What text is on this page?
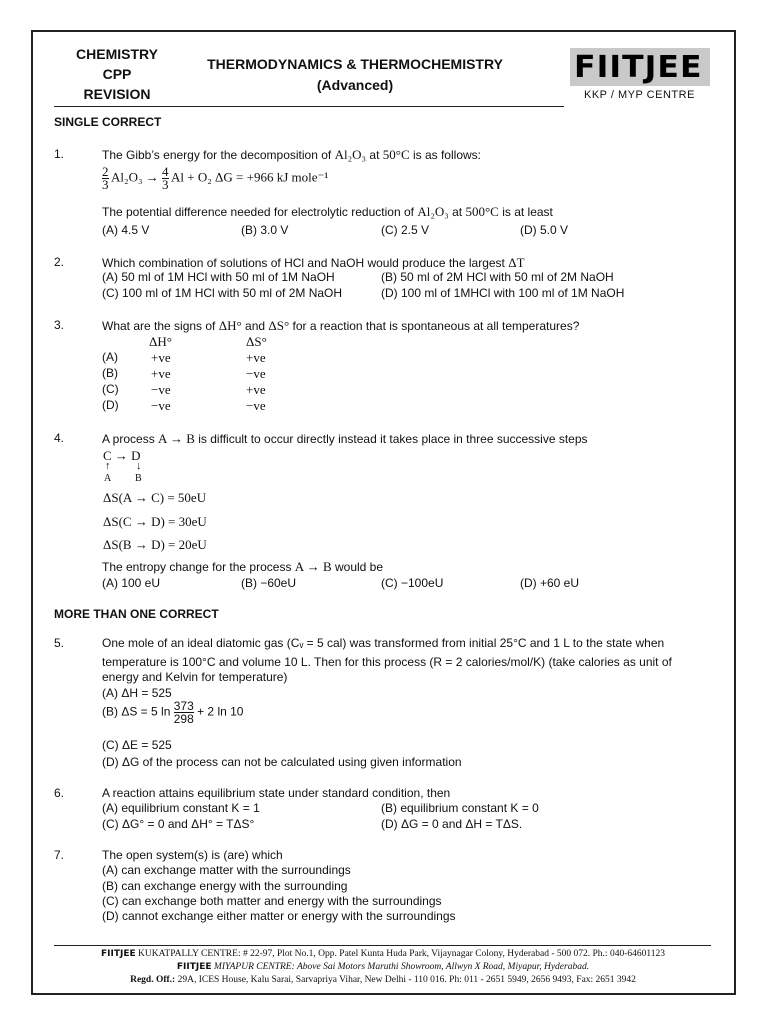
CHEMISTRY
CPP
REVISION
THERMODYNAMICS & THERMOCHEMISTRY
(Advanced)	FIITJEE
KKP / MYP CENTRE
SINGLE CORRECT
1.	The Gibb’s energy for the decomposition of Al₂O₃ at 50°C is as follows:
$\frac{2}{3} Al_2O_3 \to \frac{4}{3}$ Al + O₂ ΔG = +966 kJ mole⁻¹
The potential difference needed for electrolytic reduction of Al₂O₃ at 500°C is at least
(A) 4.5 V	(B) 3.0 V	(C) 2.5 V	(D) 5.0 V
2.	Which combination of solutions of HCl and NaOH would produce the largest ΔT
(A) 50 ml of 1M HCl with 50 ml of 1M NaOH	(B) 50 ml of 2M HCl with 50 ml of 2M NaOH
(C) 100 ml of 1M HCl with 50 ml of 2M NaOH	(D) 100 ml of 1MHCl with 100 ml of 1M NaOH
3.	What are the signs of ΔH° and ΔS° for a reaction that is spontaneous at all temperatures?
ΔH°	ΔS°
(A)	+ve	+ve
(B)	+ve	−ve
(C) −ve	+ve
(D) −ve	−ve
4.	A process A → B is difficult to occur directly instead it takes place in three successive steps
C → D
↑ ↓
A B
ΔS(A → C) = 50eU
ΔS(C → D) = 30eU
ΔS(B → D) = 20eU
The entropy change for the process A → B would be
(A) 100 eU	(B) −60eU	(C) −100eU	(D) +60 eU
MORE THAN ONE CORRECT
5.	One mole of an ideal diatomic gas (Cᵥ = 5 cal) was transformed from initial 25°C and 1 L to the state when
temperature is 100°C and volume 10 L. Then for this process (R = 2 calories/mol/K) (take calories as unit of
energy and Kelvin for temperature)
(A) ΔH = 525
(B) ΔS = 5 $\ln \frac{373}{298} + 2$ ln 10
(C) ΔE = 525
(D) ΔG of the process can not be calculated using given information
6.	A reaction attains equilibrium state under standard condition, then
(A) equilibrium constant K = 1	(B) equilibrium constant K = 0
(C) ΔG° = 0 and ΔH° = TΔS°	(D) ΔG = 0 and ΔH = TΔS.
7.	The open system(s) is (are) which
(A) can exchange matter with the surroundings
(B) can exchange energy with the surrounding
(C) can exchange both matter and energy with the surroundings
(D) cannot exchange either matter or energy with the surroundings
FIITJEE KUKATPALLY CENTRE: # 22-97, Plot No.1, Opp. Patel Kunta Huda Park, Vijaynagar Colony, Hyderabad - 500 072. Ph.: 040-64601123
FIITJEE MIYAPUR CENTRE: Above Sai Motors Maruthi Showroom, Allwyn X Road, Miyapur, Hyderabad.
Regd. Off.: 29A, ICES House, Kalu Sarai, Sarvapriya Vihar, New Delhi - 110 016. Ph: 011 - 2651 5949, 2656 9493, Fax: 2651 3942
